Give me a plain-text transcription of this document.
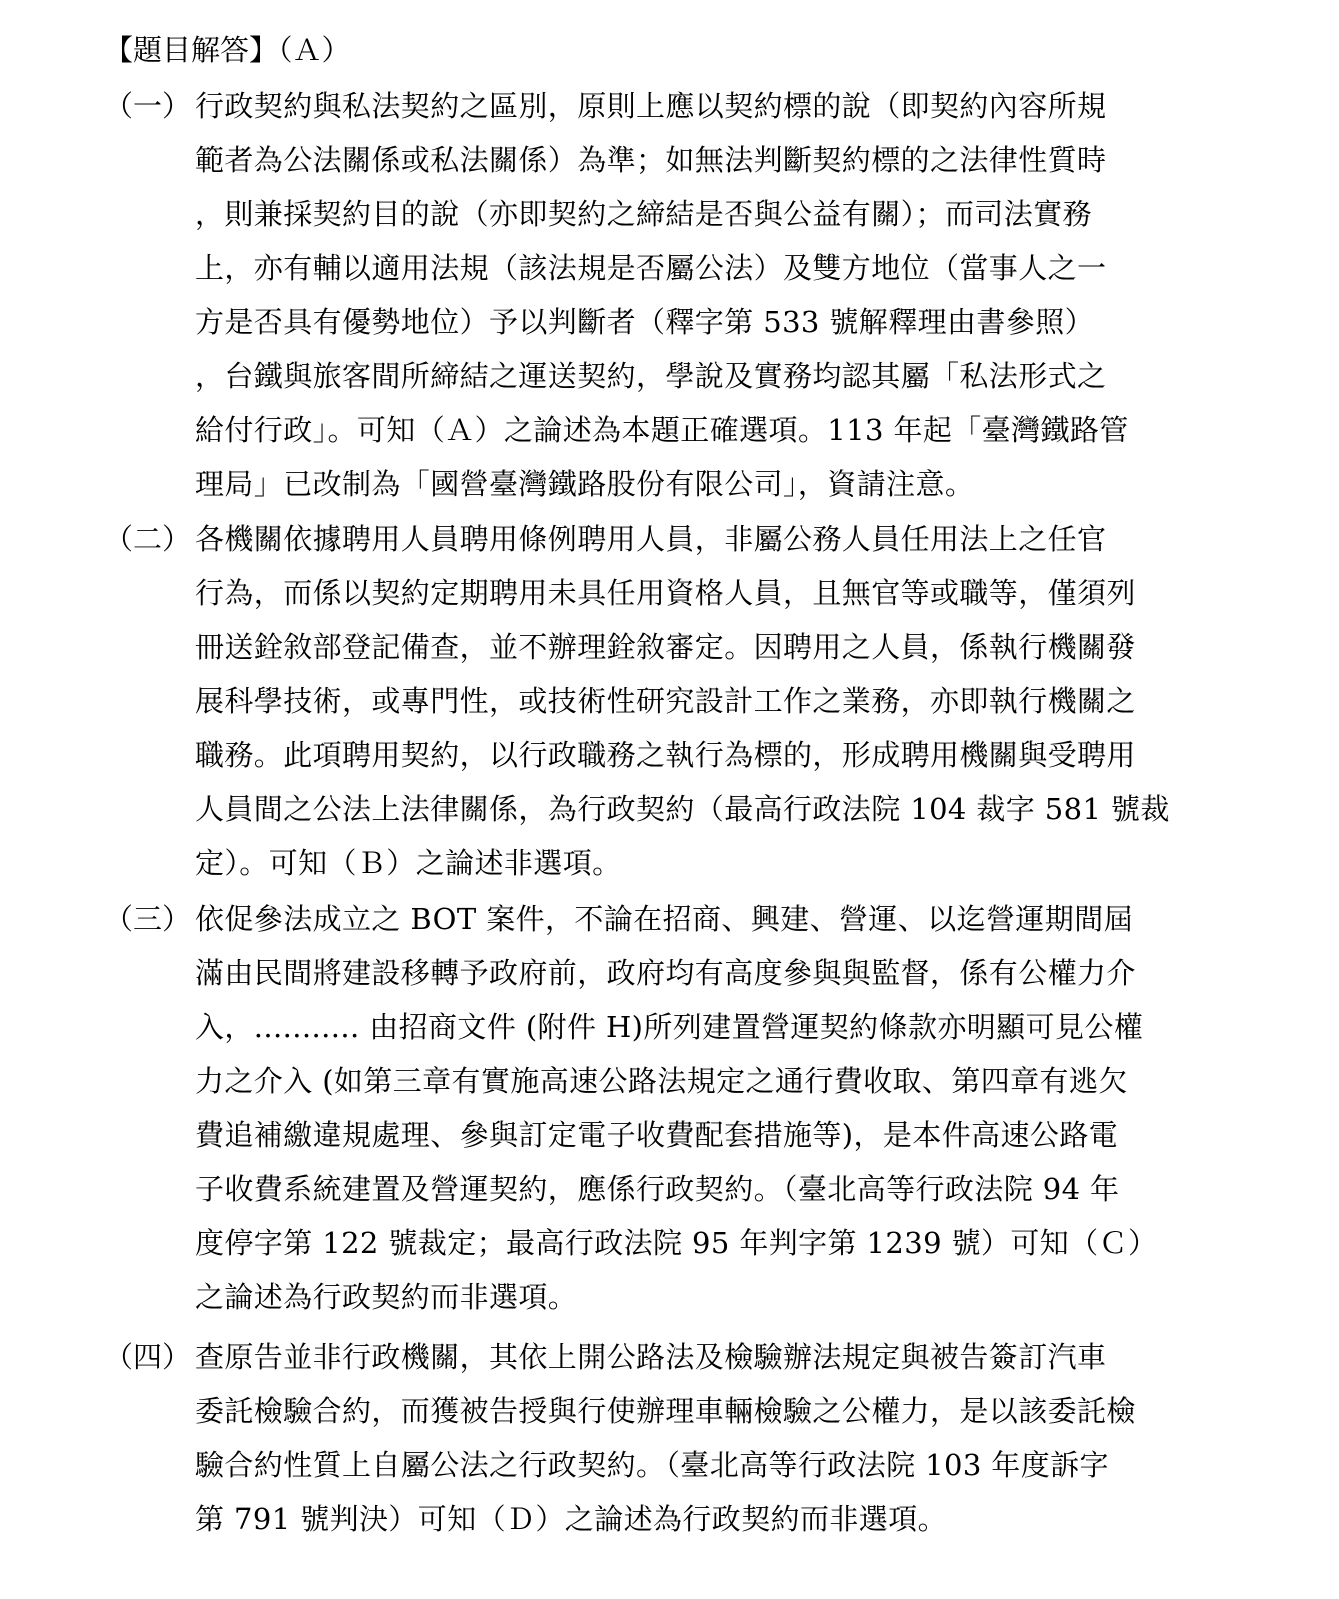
【題目解答】（Ａ）
（一） 行政契約與私法契約之區別，原則上應以契約標的說（即契約內容所規
範者為公法關係或私法關係）為準；如無法判斷契約標的之法律性質時
，則兼採契約目的說（亦即契約之締結是否與公益有關）；而司法實務
上，亦有輔以適用法規（該法規是否屬公法）及雙方地位（當事人之一
方是否具有優勢地位）予以判斷者（釋字第 533 號解釋理由書參照）
，台鐵與旅客間所締結之運送契約，學說及實務均認其屬「私法形式之
給付行政」。可知（Ａ）之論述為本題正確選項。113 年起「臺灣鐵路管
理局」已改制為「國營臺灣鐵路股份有限公司」，資請注意。
（二） 各機關依據聘用人員聘用條例聘用人員，非屬公務人員任用法上之任官
行為，而係以契約定期聘用未具任用資格人員，且無官等或職等，僅須列
冊送銓敘部登記備查，並不辦理銓敘審定。因聘用之人員，係執行機關發
展科學技術，或專門性，或技術性研究設計工作之業務，亦即執行機關之
職務。此項聘用契約，以行政職務之執行為標的，形成聘用機關與受聘用
人員間之公法上法律關係，為行政契約（最高行政法院 104 裁字 581 號裁
定）。可知（Ｂ）之論述非選項。
（三） 依促參法成立之 BOT 案件，不論在招商、興建、營運、以迄營運期間屆
滿由民間將建設移轉予政府前，政府均有高度參與與監督，係有公權力介
入，........... 由招商文件 (附件 H)所列建置營運契約條款亦明顯可見公權
力之介入 (如第三章有實施高速公路法規定之通行費收取、第四章有逃欠
費追補繳違規處理、參與訂定電子收費配套措施等)，是本件高速公路電
子收費系統建置及營運契約，應係行政契約。（臺北高等行政法院 94 年
度停字第 122 號裁定；最高行政法院 95 年判字第 1239 號）可知（Ｃ）
之論述為行政契約而非選項。
（四） 查原告並非行政機關，其依上開公路法及檢驗辦法規定與被告簽訂汽車
委託檢驗合約，而獲被告授與行使辦理車輛檢驗之公權力，是以該委託檢
驗合約性質上自屬公法之行政契約。（臺北高等行政法院 103 年度訴字
第 791 號判決）可知（Ｄ）之論述為行政契約而非選項。
